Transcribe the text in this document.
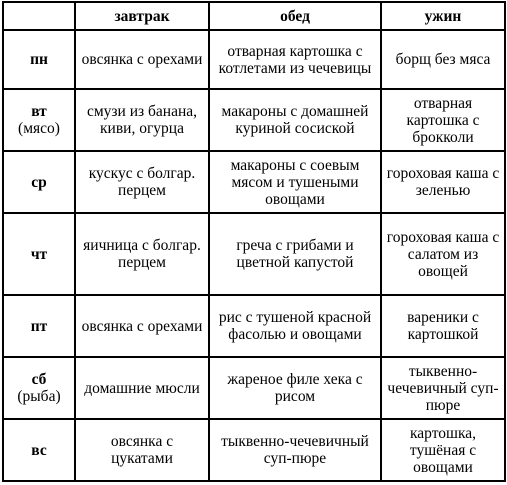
	завтрак	обед	ужин

пн	овсянка с орехами	отварная картошка с котлетами из чечевицы	борщ без мяса

вт
(мясо)	смузи из банана, киви, огурца	макароны с домашней куриной сосиской	отварная картошка с брокколи

ср	кускус с болгар. перцем	макароны с соевым мясом и тушеными овощами	гороховая каша с зеленью

чт	яичница с болгар. перцем	греча с грибами и цветной капустой	гороховая каша с салатом из овощей

пт	овсянка с орехами	рис с тушеной красной фасолью и овощами	вареники с картошкой

сб
(рыба)	домашние мюсли	жареное филе хека с рисом	тыквенно-чечевичный суп-пюре

вс	овсянка с цукатами	тыквенно-чечевичный суп-пюре	картошка, тушёная с овощами
